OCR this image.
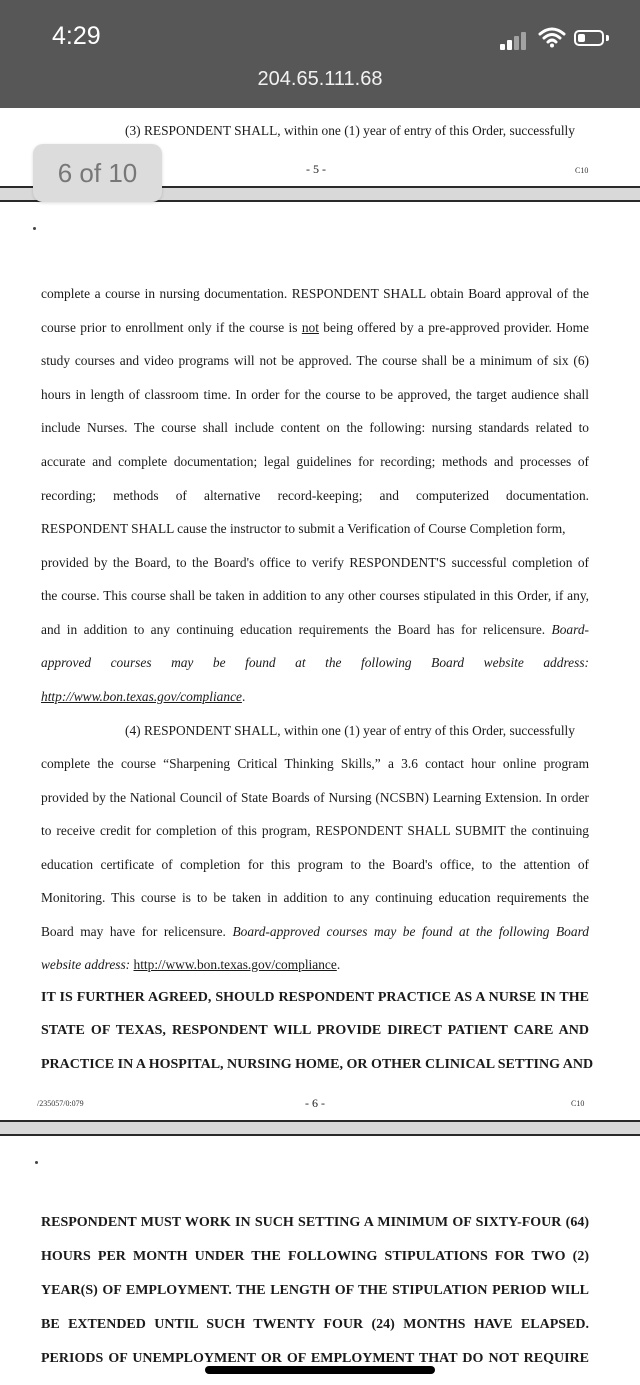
4:29
204.65.111.68
(3) RESPONDENT SHALL, within one (1) year of entry of this Order, successfully
- 5 -	C10
complete a course in nursing documentation. RESPONDENT SHALL obtain Board approval of the
course prior to enrollment only if the course is not being offered by a pre-approved provider. Home
study courses and video programs will not be approved. The course shall be a minimum of six (6)
hours in length of classroom time. In order for the course to be approved, the target audience shall
include Nurses. The course shall include content on the following: nursing standards related to
accurate and complete documentation; legal guidelines for recording; methods and processes of
recording; methods of alternative record-keeping; and computerized documentation.
RESPONDENT SHALL cause the instructor to submit a Verification of Course Completion form,
provided by the Board, to the Board's office to verify RESPONDENT'S successful completion of
the course. This course shall be taken in addition to any other courses stipulated in this Order, if any,
and in addition to any continuing education requirements the Board has for relicensure. Board-
approved courses may be found at the following Board website address:
http://www.bon.texas.gov/compliance.
(4) RESPONDENT SHALL, within one (1) year of entry of this Order, successfully
complete the course “Sharpening Critical Thinking Skills,” a 3.6 contact hour online program
provided by the National Council of State Boards of Nursing (NCSBN) Learning Extension. In order
to receive credit for completion of this program, RESPONDENT SHALL SUBMIT the continuing
education certificate of completion for this program to the Board's office, to the attention of
Monitoring. This course is to be taken in addition to any continuing education requirements the
Board may have for relicensure. Board-approved courses may be found at the following Board
website address: http://www.bon.texas.gov/compliance.
IT IS FURTHER AGREED, SHOULD RESPONDENT PRACTICE AS A NURSE IN THE
STATE OF TEXAS, RESPONDENT WILL PROVIDE DIRECT PATIENT CARE AND
PRACTICE IN A HOSPITAL, NURSING HOME, OR OTHER CLINICAL SETTING AND
/235057/0:079	- 6 -	C10
RESPONDENT MUST WORK IN SUCH SETTING A MINIMUM OF SIXTY-FOUR (64)
HOURS PER MONTH UNDER THE FOLLOWING STIPULATIONS FOR TWO (2)
YEAR(S) OF EMPLOYMENT. THE LENGTH OF THE STIPULATION PERIOD WILL
BE EXTENDED UNTIL SUCH TWENTY FOUR (24) MONTHS HAVE ELAPSED.
PERIODS OF UNEMPLOYMENT OR OF EMPLOYMENT THAT DO NOT REQUIRE
6 of 10
